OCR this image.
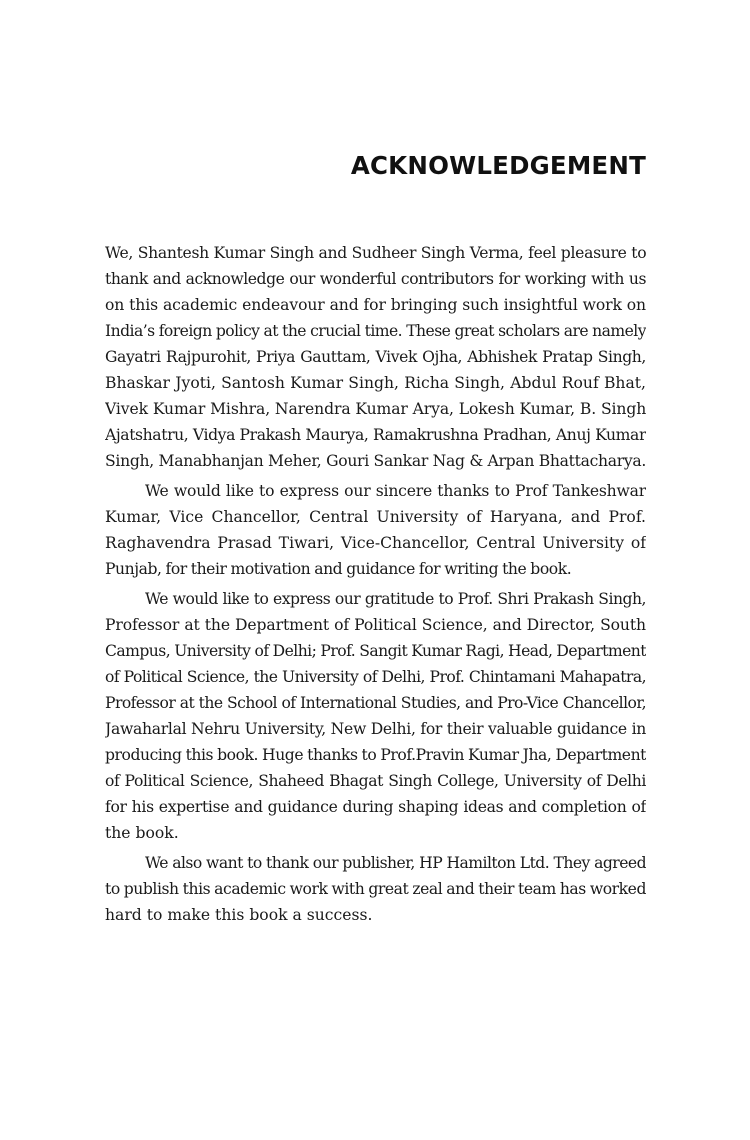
ACKNOWLEDGEMENT

We, Shantesh Kumar Singh and Sudheer Singh Verma, feel pleasure to
thank and acknowledge our wonderful contributors for working with us
on this academic endeavour and for bringing such insightful work on
India’s foreign policy at the crucial time. These great scholars are namely
Gayatri Rajpurohit, Priya Gauttam, Vivek Ojha, Abhishek Pratap Singh,
Bhaskar Jyoti, Santosh Kumar Singh, Richa Singh, Abdul Rouf Bhat,
Vivek Kumar Mishra, Narendra Kumar Arya, Lokesh Kumar, B. Singh
Ajatshatru, Vidya Prakash Maurya, Ramakrushna Pradhan, Anuj Kumar
Singh, Manabhanjan Meher, Gouri Sankar Nag & Arpan Bhattacharya.

We would like to express our sincere thanks to Prof Tankeshwar
Kumar, Vice Chancellor, Central University of Haryana, and Prof.
Raghavendra Prasad Tiwari, Vice-Chancellor, Central University of
Punjab, for their motivation and guidance for writing the book.

We would like to express our gratitude to Prof. Shri Prakash Singh,
Professor at the Department of Political Science, and Director, South
Campus, University of Delhi; Prof. Sangit Kumar Ragi, Head, Department
of Political Science, the University of Delhi, Prof. Chintamani Mahapatra,
Professor at the School of International Studies, and Pro-Vice Chancellor,
Jawaharlal Nehru University, New Delhi, for their valuable guidance in
producing this book. Huge thanks to Prof.Pravin Kumar Jha, Department
of Political Science, Shaheed Bhagat Singh College, University of Delhi
for his expertise and guidance during shaping ideas and completion of
the book.

We also want to thank our publisher, HP Hamilton Ltd. They agreed
to publish this academic work with great zeal and their team has worked
hard to make this book a success.
